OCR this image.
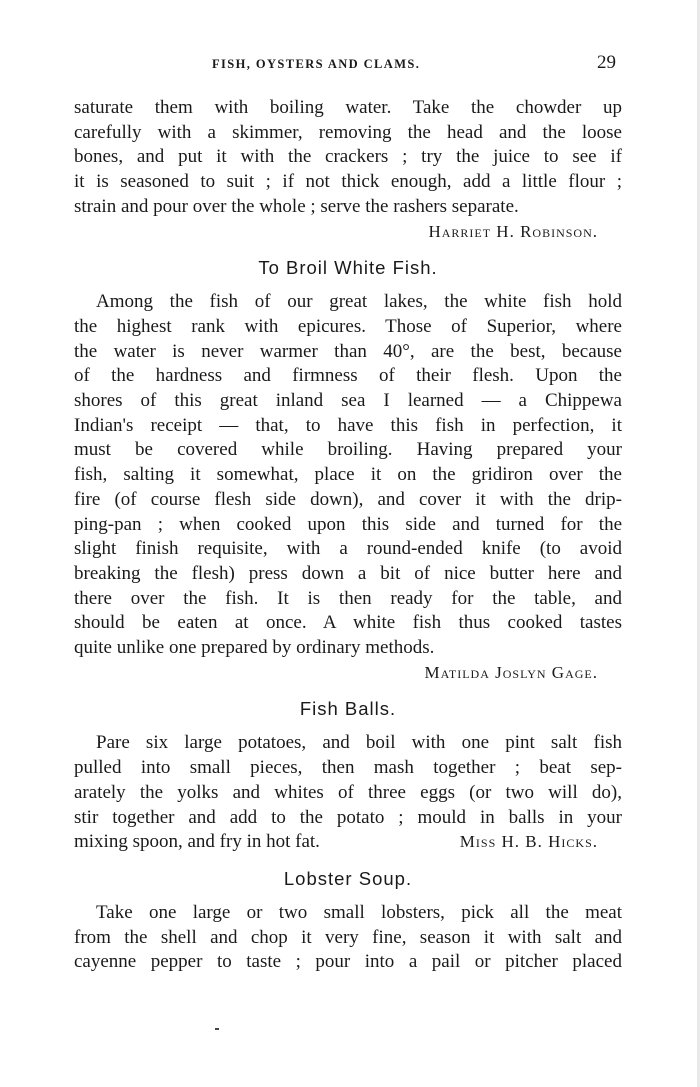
FISH, OYSTERS AND CLAMS.	29

saturate them with boiling water. Take the chowder up

carefully with a skimmer, removing the head and the loose

bones, and put it with the crackers ; try the juice to see if

it is seasoned to suit ; if not thick enough, add a little flour ;

strain and pour over the whole ; serve the rashers separate.

Harriet H. Robinson.
To Broil White Fish.

Among the fish of our great lakes, the white fish hold

the highest rank with epicures. Those of Superior, where

the water is never warmer than 40°, are the best, because

of the hardness and firmness of their flesh. Upon the

shores of this great inland sea I learned — a Chippewa

Indian's receipt — that, to have this fish in perfection, it

must be covered while broiling. Having prepared your

fish, salting it somewhat, place it on the gridiron over the

fire (of course flesh side down), and cover it with the drip-

ping-pan ; when cooked upon this side and turned for the

slight finish requisite, with a round-ended knife (to avoid

breaking the flesh) press down a bit of nice butter here and

there over the fish. It is then ready for the table, and

should be eaten at once. A white fish thus cooked tastes

quite unlike one prepared by ordinary methods.

Matilda Joslyn Gage.
Fish Balls.

Pare six large potatoes, and boil with one pint salt fish

pulled into small pieces, then mash together ; beat sep-

arately the yolks and whites of three eggs (or two will do),

stir together and add to the potato ; mould in balls in your

mixing spoon, and fry in hot fat.	Miss H. B. Hicks.

Lobster Soup.

Take one large or two small lobsters, pick all the meat

from the shell and chop it very fine, season it with salt and

cayenne pepper to taste ; pour into a pail or pitcher placed
